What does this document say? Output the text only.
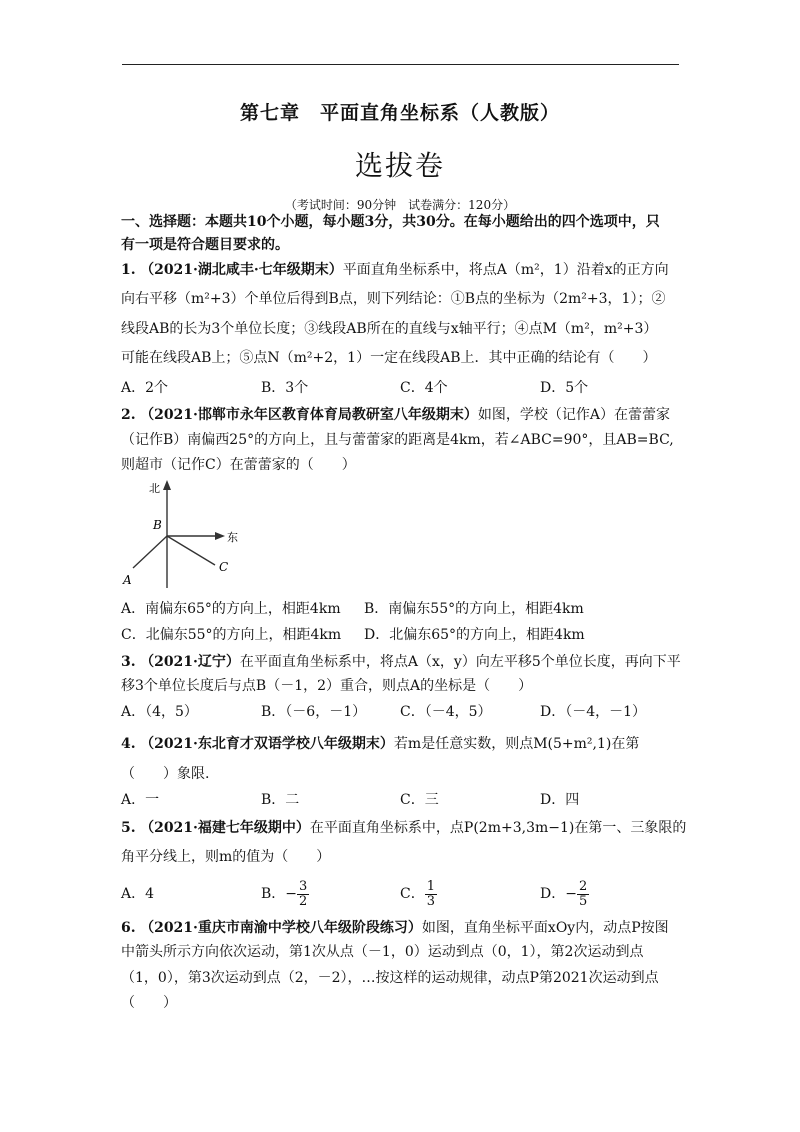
第七章　平面直角坐标系（人教版）
选拔卷
（考试时间：90分钟　试卷满分：120分）
一、选择题：本题共10个小题，每小题3分，共30分。在每小题给出的四个选项中，只
有一项是符合题目要求的。
1. （2021·湖北咸丰·七年级期末）平面直角坐标系中，将点A（m²，1）沿着x的正方向
向右平移（m²+3）个单位后得到B点，则下列结论：①B点的坐标为（2m²+3，1）；②
线段AB的长为3个单位长度；③线段AB所在的直线与x轴平行；④点M（m²，m²+3）
可能在线段AB上；⑤点N（m²+2，1）一定在线段AB上．其中正确的结论有（　　）
A．2个	B．3个	C．4个	D．5个
2. （2021·邯郸市永年区教育体育局教研室八年级期末）如图，学校（记作A）在蕾蕾家
（记作B）南偏西25°的方向上，且与蕾蕾家的距离是4km，若∠ABC=90°，且AB=BC,
则超市（记作C）在蕾蕾家的（　　）
北
东
B
A
C
A．南偏东65°的方向上，相距4km B．南偏东55°的方向上，相距4km
C．北偏东55°的方向上，相距4km D．北偏东65°的方向上，相距4km
3. （2021·辽宁）在平面直角坐标系中，将点A（x，y）向左平移5个单位长度，再向下平
移3个单位长度后与点B（－1，2）重合，则点A的坐标是（　　）
A．（4，5）	B．（－6，－1） C．（－4，5）	D．（－4，－1）
4. （2021·东北育才双语学校八年级期末）若m是任意实数，则点M(5+m²,1)在第
（　　）象限.
A．一	B．二	C．三	D．四
5. （2021·福建七年级期中）在平面直角坐标系中，点P(2m+3,3m−1)在第一、三象限的
角平分线上，则m的值为（　　）
A．4	B．− $\frac{3}{2}$	C． $\frac{1}{3}$	D．− $\frac{2}{5}$
6. （2021·重庆市南渝中学校八年级阶段练习）如图，直角坐标平面xOy内，动点P按图
中箭头所示方向依次运动，第1次从点（－1，0）运动到点（0，1），第2次运动到点
（1，0），第3次运动到点（2，－2），…按这样的运动规律，动点P第2021次运动到点
（　　）
